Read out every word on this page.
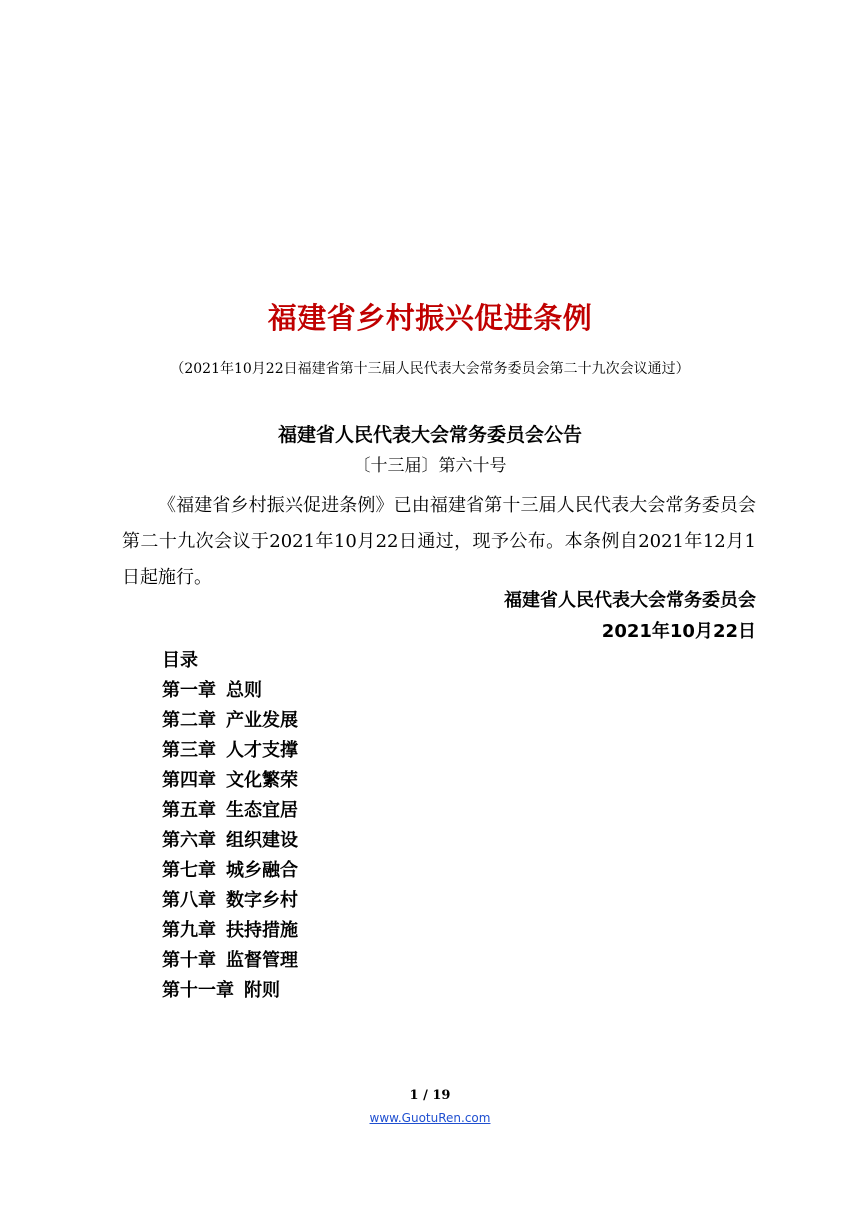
福建省乡村振兴促进条例
（2021年10月22日福建省第十三届人民代表大会常务委员会第二十九次会议通过）
福建省人民代表大会常务委员会公告
〔十三届〕第六十号

《福建省乡村振兴促进条例》已由福建省第十三届人民代表大会常务委员会第二十九次会议于2021年10月22日通过，现予公布。本条例自2021年12月1日起施行。

福建省人民代表大会常务委员会
2021年10月22日
目录
第一章 总则
第二章 产业发展
第三章 人才支撑
第四章 文化繁荣
第五章 生态宜居
第六章 组织建设
第七章 城乡融合
第八章 数字乡村
第九章 扶持措施
第十章 监督管理
第十一章 附则
1 / 19
www.GuotuRen.com
